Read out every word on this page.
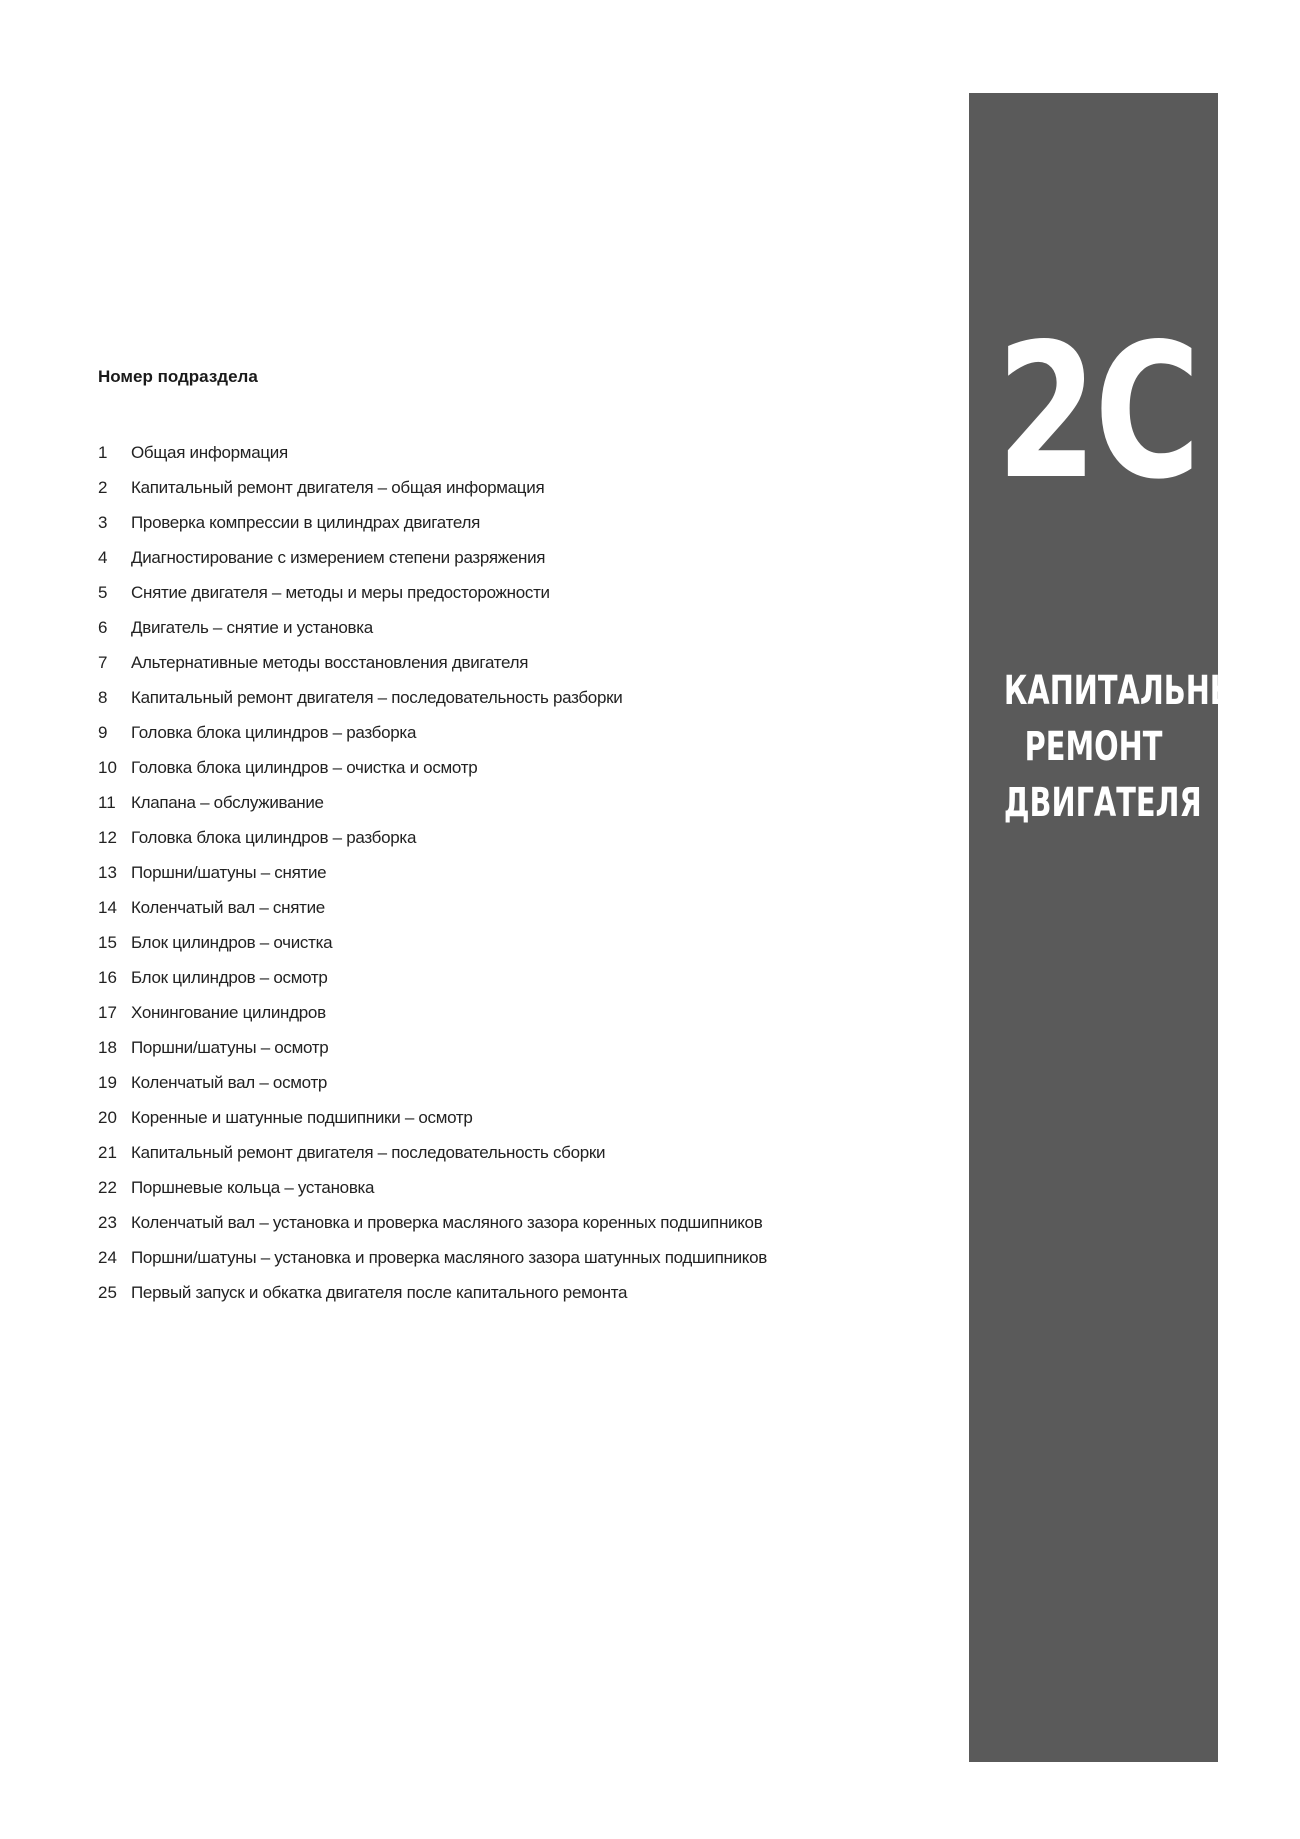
Номер подраздела
1	Общая информация
2	Капитальный ремонт двигателя – общая информация
3	Проверка компрессии в цилиндрах двигателя
4	Диагностирование с измерением степени разряжения
5	Снятие двигателя – методы и меры предосторожности
6	Двигатель – снятие и установка
7	Альтернативные методы восстановления двигателя
8	Капитальный ремонт двигателя – последовательность разборки
9	Головка блока цилиндров – разборка
10 Головка блока цилиндров – очистка и осмотр
11 Клапана – обслуживание
12 Головка блока цилиндров – разборка
13 Поршни/шатуны – снятие
14 Коленчатый вал – снятие
15 Блок цилиндров – очистка
16 Блок цилиндров – осмотр
17 Хонингование цилиндров
18 Поршни/шатуны – осмотр
19 Коленчатый вал – осмотр
20 Коренные и шатунные подшипники – осмотр
21 Капитальный ремонт двигателя – последовательность сборки
22 Поршневые кольца – установка
23 Коленчатый вал – установка и проверка масляного зазора коренных подшипников
24 Поршни/шатуны – установка и проверка масляного зазора шатунных подшипников
25 Первый запуск и обкатка двигателя после капитального ремонта
2C
КАПИТАЛЬНЫЙ
РЕМОНТ
ДВИГАТЕЛЯ
